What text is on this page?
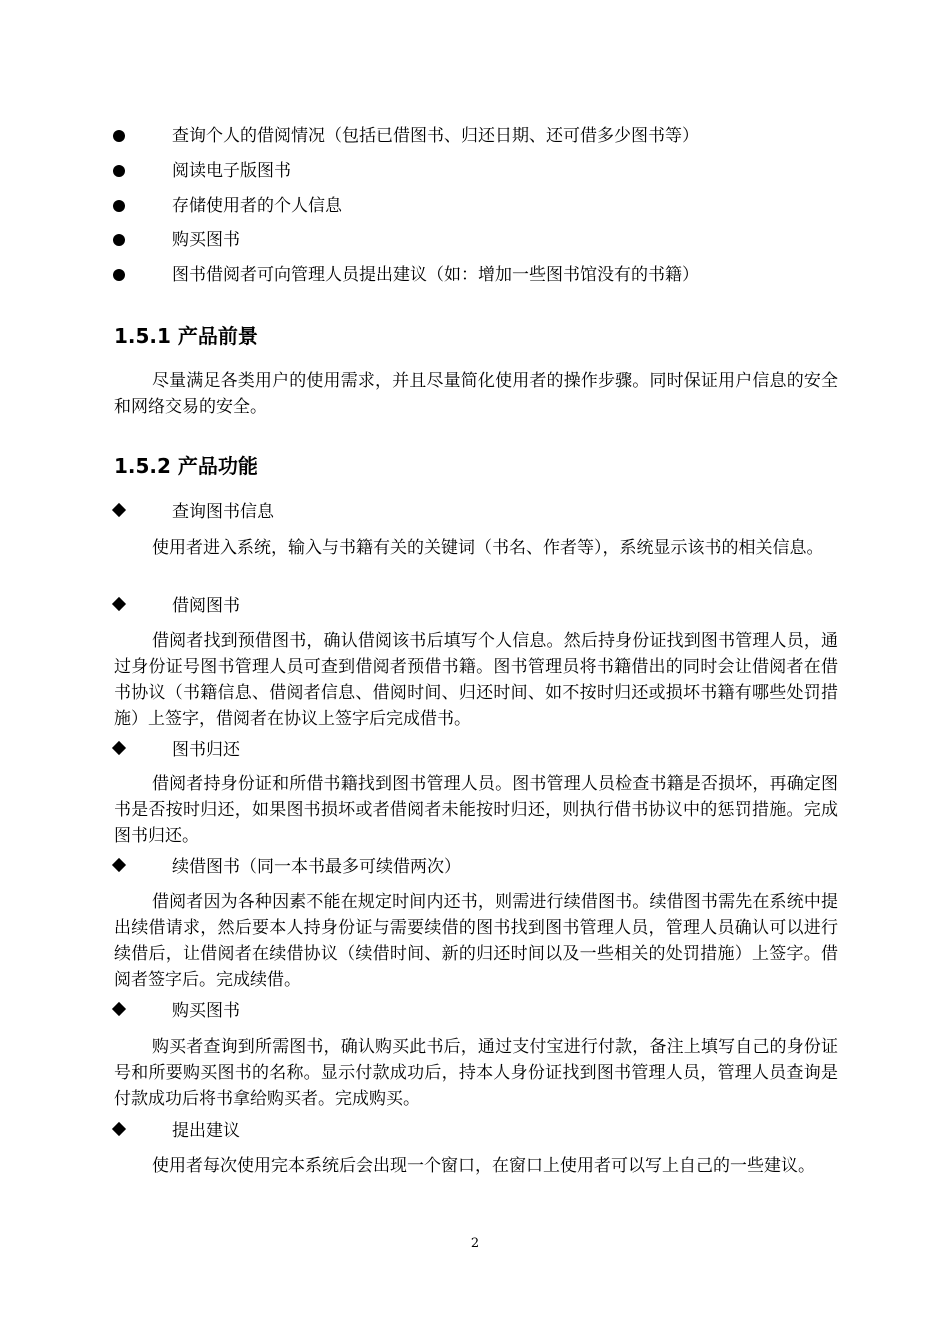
查询个人的借阅情况（包括已借图书、归还日期、还可借多少图书等）
阅读电子版图书
存储使用者的个人信息
购买图书
图书借阅者可向管理人员提出建议（如：增加一些图书馆没有的书籍）
1.5.1 产品前景

尽量满足各类用户的使用需求，并且尽量简化使用者的操作步骤。同时保证用户信息的安全和网络交易的安全。

1.5.2 产品功能
查询图书信息

使用者进入系统，输入与书籍有关的关键词（书名、作者等），系统显示该书的相关信息。

借阅图书

借阅者找到预借图书，确认借阅该书后填写个人信息。然后持身份证找到图书管理人员，通过身份证号图书管理人员可查到借阅者预借书籍。图书管理员将书籍借出的同时会让借阅者在借书协议（书籍信息、借阅者信息、借阅时间、归还时间、如不按时归还或损坏书籍有哪些处罚措施）上签字，借阅者在协议上签字后完成借书。

图书归还

借阅者持身份证和所借书籍找到图书管理人员。图书管理人员检查书籍是否损坏，再确定图书是否按时归还，如果图书损坏或者借阅者未能按时归还，则执行借书协议中的惩罚措施。完成图书归还。

续借图书（同一本书最多可续借两次）

借阅者因为各种因素不能在规定时间内还书，则需进行续借图书。续借图书需先在系统中提出续借请求，然后要本人持身份证与需要续借的图书找到图书管理人员，管理人员确认可以进行续借后，让借阅者在续借协议（续借时间、新的归还时间以及一些相关的处罚措施）上签字。借阅者签字后。完成续借。

购买图书

购买者查询到所需图书，确认购买此书后，通过支付宝进行付款，备注上填写自己的身份证号和所要购买图书的名称。显示付款成功后，持本人身份证找到图书管理人员，管理人员查询是付款成功后将书拿给购买者。完成购买。

提出建议

使用者每次使用完本系统后会出现一个窗口，在窗口上使用者可以写上自己的一些建议。

2
